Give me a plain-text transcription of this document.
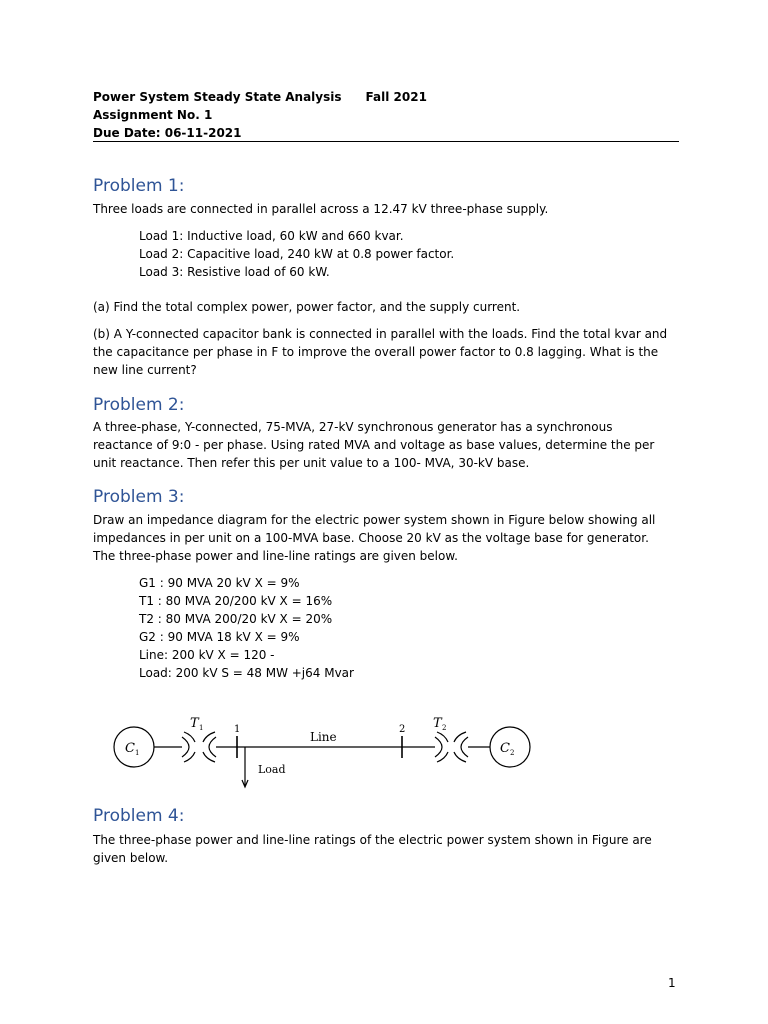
Power System Steady State Analysis Fall 2021
Assignment No. 1
Due Date: 06-11-2021
Problem 1:
Three loads are connected in parallel across a 12.47 kV three-phase supply.
Load 1: Inductive load, 60 kW and 660 kvar.
Load 2: Capacitive load, 240 kW at 0.8 power factor.
Load 3: Resistive load of 60 kW.
(a) Find the total complex power, power factor, and the supply current.
(b) A Y-connected capacitor bank is connected in parallel with the loads. Find the total kvar and the capacitance per phase in F to improve the overall power factor to 0.8 lagging. What is the new line current?
Problem 2:
A three-phase, Y-connected, 75-MVA, 27-kV synchronous generator has a synchronous reactance of 9:0 - per phase. Using rated MVA and voltage as base values, determine the per unit reactance. Then refer this per unit value to a 100- MVA, 30-kV base.
Problem 3:
Draw an impedance diagram for the electric power system shown in Figure below showing all impedances in per unit on a 100-MVA base. Choose 20 kV as the voltage base for generator. The three-phase power and line-line ratings are given below.
G1 : 90 MVA 20 kV X = 9%
T1 : 80 MVA 20/200 kV X = 16%
T2 : 80 MVA 200/20 kV X = 20%
G2 : 90 MVA 18 kV X = 9%
Line: 200 kV X = 120 -
Load: 200 kV S = 48 MW +j64 Mvar
C 1
T 1	1
Line
2 T 2
C 2
Load
Problem 4:
The three-phase power and line-line ratings of the electric power system shown in Figure are given below.
1
